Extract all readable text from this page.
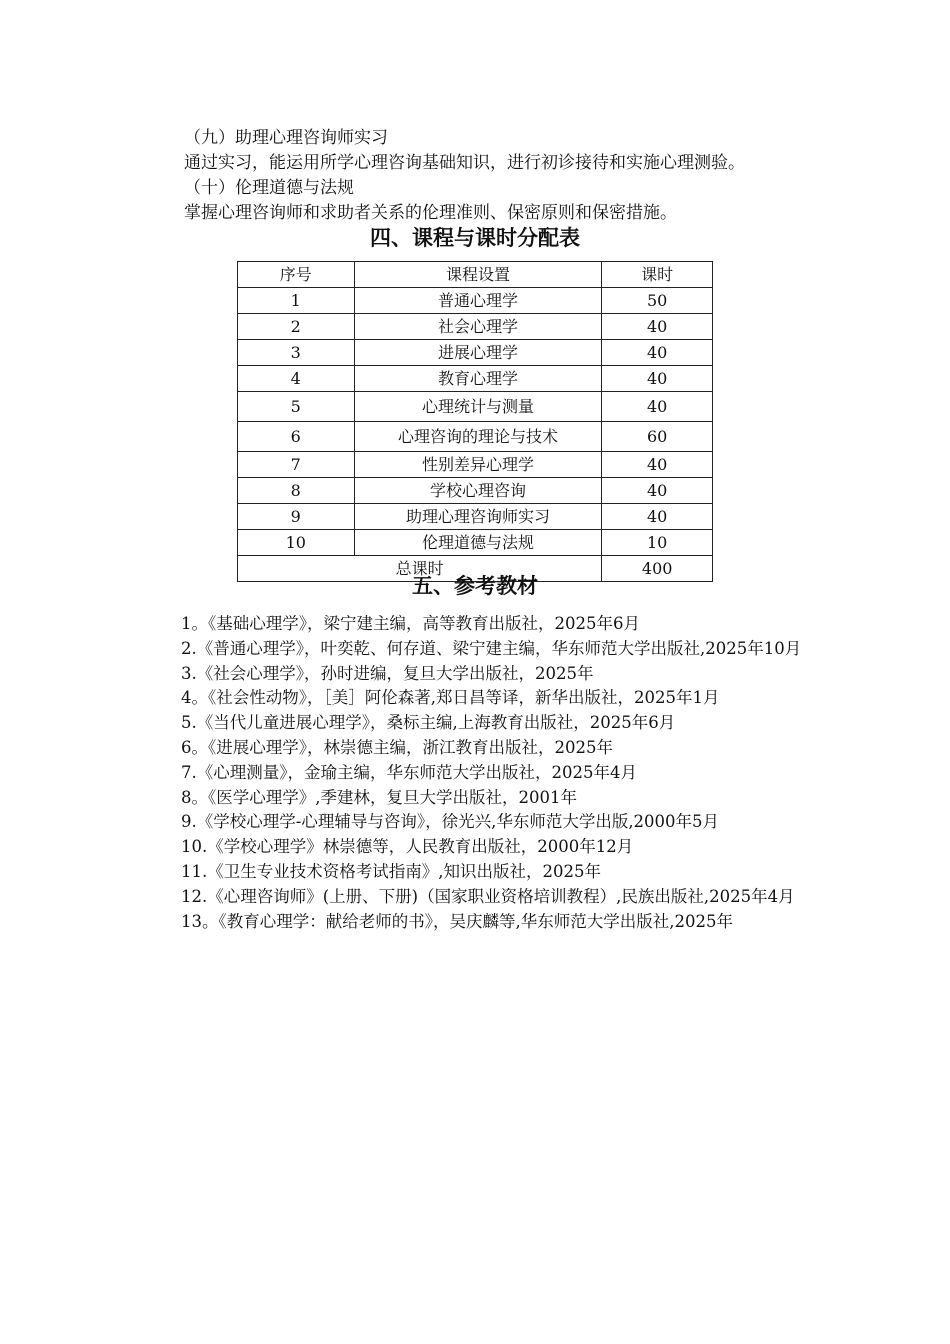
（九）助理心理咨询师实习
通过实习，能运用所学心理咨询基础知识，进行初诊接待和实施心理测验。
（十）伦理道德与法规
掌握心理咨询师和求助者关系的伦理准则、保密原则和保密措施。
四、课程与课时分配表
序号	课程设置	课时
1	普通心理学	50
2	社会心理学	40
3	进展心理学	40
4	教育心理学	40
5	心理统计与测量	40
6	心理咨询的理论与技术	60
7	性别差异心理学	40
8	学校心理咨询	40
9	助理心理咨询师实习	40
10	伦理道德与法规	10
总课时		400
五、参考教材
1。《基础心理学》，梁宁建主编，高等教育出版社，2025年6月
2.《普通心理学》，叶奕乾、何存道、梁宁建主编，华东师范大学出版社,2025年10月
3.《社会心理学》，孙时进编，复旦大学出版社，2025年
4。《社会性动物》，［美］阿伦森著,郑日昌等译，新华出版社，2025年1月
5.《当代儿童进展心理学》，桑标主编,上海教育出版社，2025年6月
6。《进展心理学》，林崇德主编，浙江教育出版社，2025年
7.《心理测量》，金瑜主编，华东师范大学出版社，2025年4月
8。《医学心理学》,季建林，复旦大学出版社，2001年
9.《学校心理学-心理辅导与咨询》，徐光兴,华东师范大学出版,2000年5月
10.《学校心理学》林崇德等，人民教育出版社，2000年12月
11.《卫生专业技术资格考试指南》,知识出版社，2025年
12.《心理咨询师》(上册、下册)（国家职业资格培训教程）,民族出版社,2025年4月
13。《教育心理学：献给老师的书》，吴庆麟等,华东师范大学出版社,2025年
